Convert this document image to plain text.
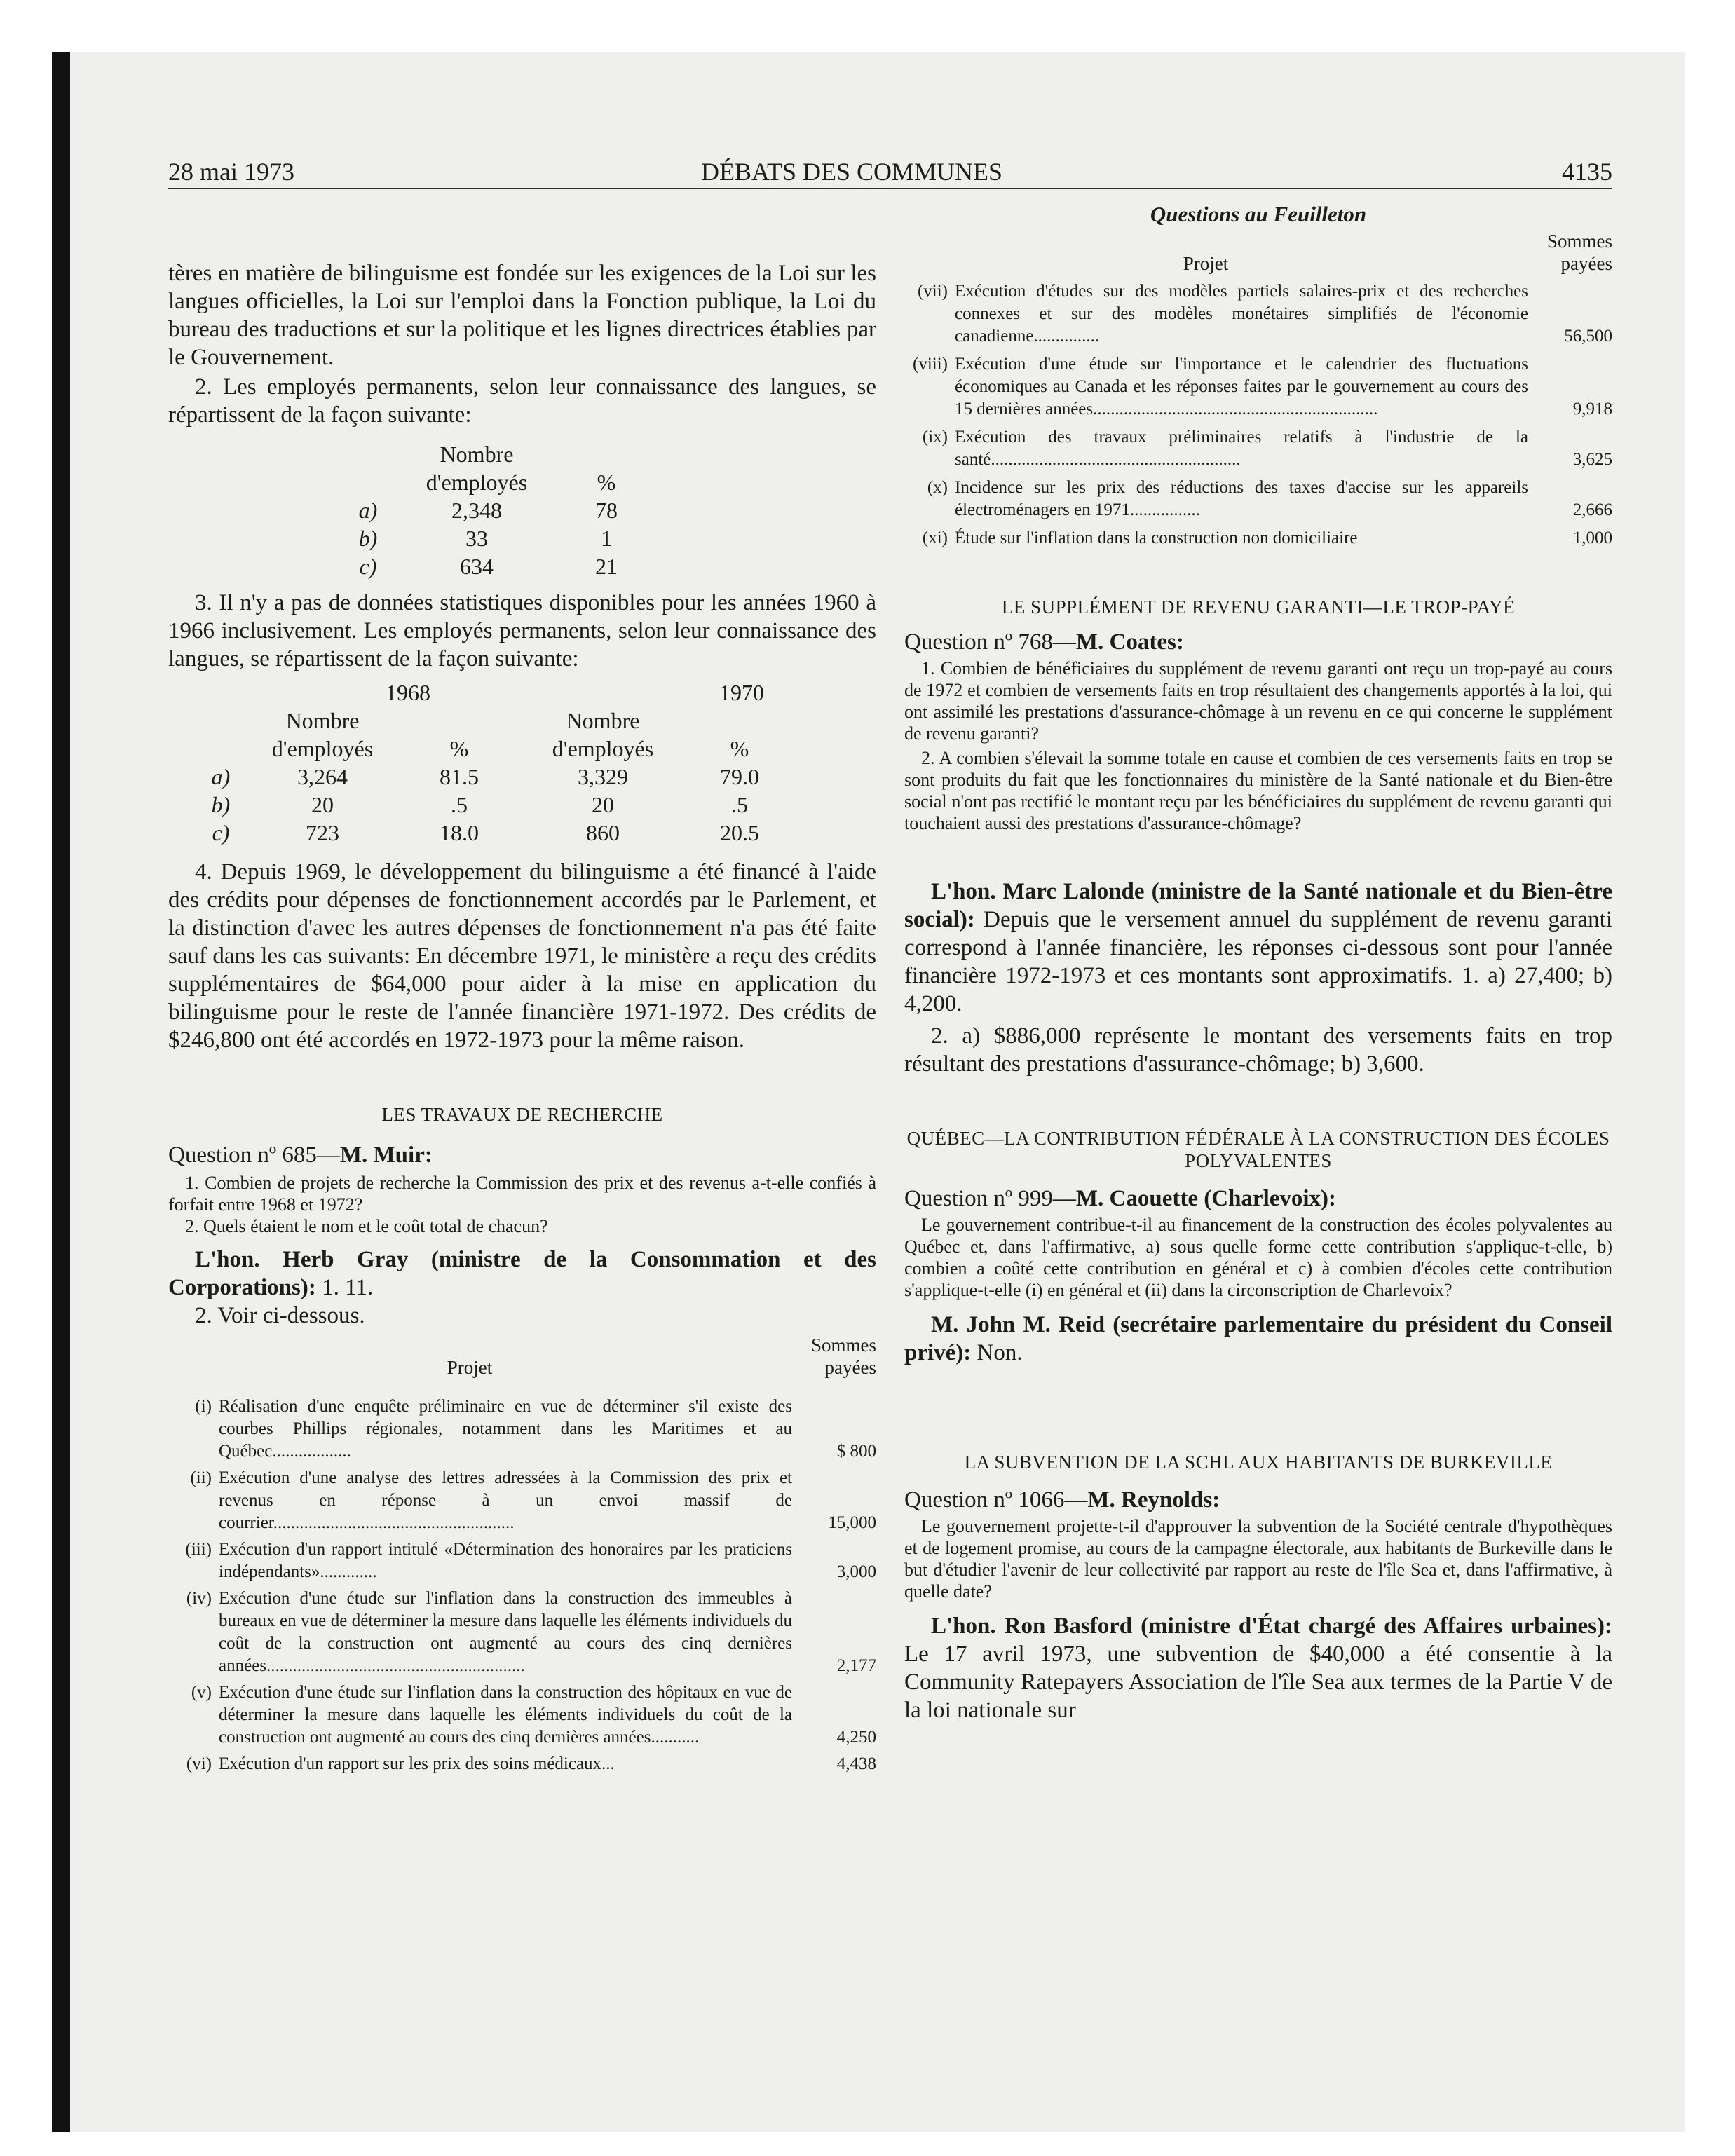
28 mai 1973	DÉBATS DES COMMUNES	4135

tères en matière de bilinguisme est fondée sur les exigences de la Loi sur les langues officielles, la Loi sur l'emploi dans la Fonction publique, la Loi du bureau des traductions et sur la politique et les lignes directrices établies par le Gouvernement.

2. Les employés permanents, selon leur connaissance des langues, se répartissent de la façon suivante:

	Nombre	
	d'employés	%
a)	2,348	78
b)	33	1
c)	634	21

3. Il n'y a pas de données statistiques disponibles pour les années 1960 à 1966 inclusivement. Les employés permanents, selon leur connaissance des langues, se répartissent de la façon suivante:

	1968		1970	
	Nombre		Nombre	
	d'employés	%	d'employés	%
a)	3,264	81.5	3,329	79.0
b)	20	.5	20	.5
c)	723	18.0	860	20.5

4. Depuis 1969, le développement du bilinguisme a été financé à l'aide des crédits pour dépenses de fonctionnement accordés par le Parlement, et la distinction d'avec les autres dépenses de fonctionnement n'a pas été faite sauf dans les cas suivants: En décembre 1971, le ministère a reçu des crédits supplémentaires de $64,000 pour aider à la mise en application du bilinguisme pour le reste de l'année financière 1971-1972. Des crédits de $246,800 ont été accordés en 1972-1973 pour la même raison.

LES TRAVAUX DE RECHERCHE

Question nº 685—M. Muir:

1. Combien de projets de recherche la Commission des prix et des revenus a-t-elle confiés à forfait entre 1968 et 1972?

2. Quels étaient le nom et le coût total de chacun?

L'hon. Herb Gray (ministre de la Consommation et des Corporations): 1. 11.

2. Voir ci-dessous.

Projet
Sommes
payées
(i) Réalisation d'une enquête préliminaire en vue de déterminer s'il existe des courbes Phillips régionales, notamment dans les Maritimes et au Québec..................	$ 800
(ii) Exécution d'une analyse des lettres adressées à la Commission des prix et revenus en réponse à un envoi massif de courrier.......................................................	15,000
(iii) Exécution d'un rapport intitulé «Détermination des honoraires par les praticiens indépendants».............	3,000
(iv) Exécution d'une étude sur l'inflation dans la construction des immeubles à bureaux en vue de déterminer la mesure dans laquelle les éléments individuels du coût de la construction ont augmenté au cours des cinq dernières années...........................................................	2,177
(v) Exécution d'une étude sur l'inflation dans la construction des hôpitaux en vue de déterminer la mesure dans laquelle les éléments individuels du coût de la construction ont augmenté au cours des cinq dernières années...........	4,250
(vi) Exécution d'un rapport sur les prix des soins médicaux...	4,438

Questions au Feuilleton

Projet
Sommes
payées
(vii) Exécution d'études sur des modèles partiels salaires-prix et des recherches connexes et sur des modèles monétaires simplifiés de l'économie canadienne...............	56,500
(viii) Exécution d'une étude sur l'importance et le calendrier des fluctuations économiques au Canada et les réponses faites par le gouvernement au cours des 15 dernières années.................................................................	9,918
(ix) Exécution des travaux préliminaires relatifs à l'industrie de la santé.........................................................	3,625
(x) Incidence sur les prix des réductions des taxes d'accise sur les appareils électroménagers en 1971................	2,666
(xi) Étude sur l'inflation dans la construction non domiciliaire	1,000

LE SUPPLÉMENT DE REVENU GARANTI—LE TROP-PAYÉ

Question nº 768—M. Coates:

1. Combien de bénéficiaires du supplément de revenu garanti ont reçu un trop-payé au cours de 1972 et combien de versements faits en trop résultaient des changements apportés à la loi, qui ont assimilé les prestations d'assurance-chômage à un revenu en ce qui concerne le supplément de revenu garanti?

2. A combien s'élevait la somme totale en cause et combien de ces versements faits en trop se sont produits du fait que les fonctionnaires du ministère de la Santé nationale et du Bien-être social n'ont pas rectifié le montant reçu par les bénéficiaires du supplément de revenu garanti qui touchaient aussi des prestations d'assurance-chômage?

L'hon. Marc Lalonde (ministre de la Santé nationale et du Bien-être social): Depuis que le versement annuel du supplément de revenu garanti correspond à l'année financière, les réponses ci-dessous sont pour l'année financière 1972-1973 et ces montants sont approximatifs. 1. a) 27,400; b) 4,200.

2. a) $886,000 représente le montant des versements faits en trop résultant des prestations d'assurance-chômage; b) 3,600.

QUÉBEC—LA CONTRIBUTION FÉDÉRALE À LA CONSTRUCTION DES ÉCOLES POLYVALENTES

Question nº 999—M. Caouette (Charlevoix):

Le gouvernement contribue-t-il au financement de la construction des écoles polyvalentes au Québec et, dans l'affirmative, a) sous quelle forme cette contribution s'applique-t-elle, b) combien a coûté cette contribution en général et c) à combien d'écoles cette contribution s'applique-t-elle (i) en général et (ii) dans la circonscription de Charlevoix?

M. John M. Reid (secrétaire parlementaire du président du Conseil privé): Non.

LA SUBVENTION DE LA SCHL AUX HABITANTS DE BURKEVILLE

Question nº 1066—M. Reynolds:

Le gouvernement projette-t-il d'approuver la subvention de la Société centrale d'hypothèques et de logement promise, au cours de la campagne électorale, aux habitants de Burkeville dans le but d'étudier l'avenir de leur collectivité par rapport au reste de l'île Sea et, dans l'affirmative, à quelle date?

L'hon. Ron Basford (ministre d'État chargé des Affaires urbaines): Le 17 avril 1973, une subvention de $40,000 a été consentie à la Community Ratepayers Association de l'île Sea aux termes de la Partie V de la loi nationale sur
